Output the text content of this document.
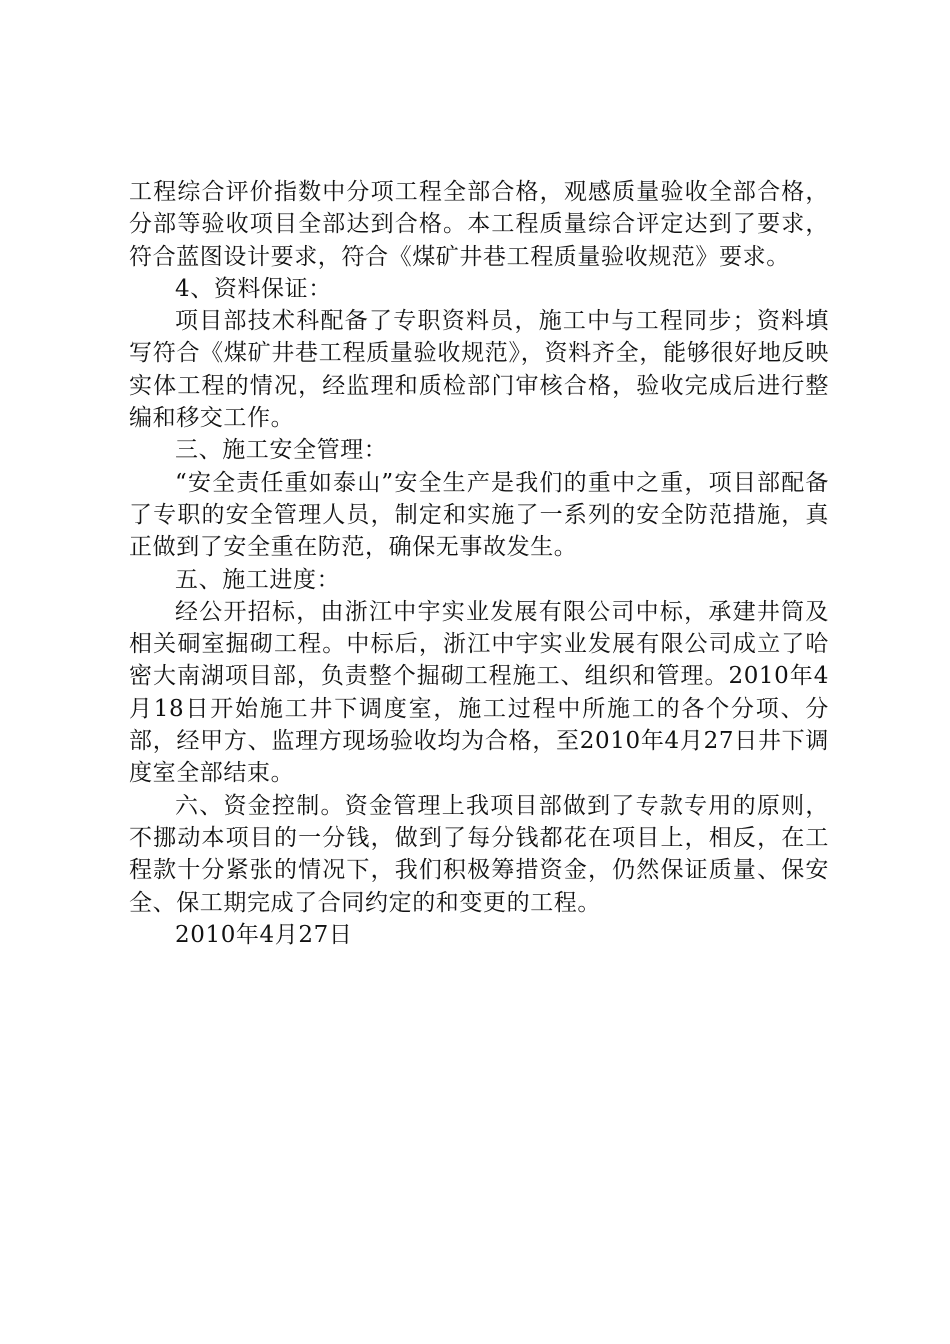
工程综合评价指数中分项工程全部合格，观感质量验收全部合格，分部等验收项目全部达到合格。本工程质量综合评定达到了要求，符合蓝图设计要求，符合《煤矿井巷工程质量验收规范》要求。

4、资料保证：

项目部技术科配备了专职资料员，施工中与工程同步；资料填写符合《煤矿井巷工程质量验收规范》，资料齐全，能够很好地反映实体工程的情况，经监理和质检部门审核合格，验收完成后进行整编和移交工作。

三、施工安全管理：

“安全责任重如泰山”安全生产是我们的重中之重，项目部配备了专职的安全管理人员，制定和实施了一系列的安全防范措施，真正做到了安全重在防范，确保无事故发生。

五、施工进度：

经公开招标，由浙江中宇实业发展有限公司中标，承建井筒及相关硐室掘砌工程。中标后，浙江中宇实业发展有限公司成立了哈密大南湖项目部，负责整个掘砌工程施工、组织和管理。2010年4月18日开始施工井下调度室，施工过程中所施工的各个分项、分部，经甲方、监理方现场验收均为合格，至2010年4月27日井下调度室全部结束。

六、资金控制。资金管理上我项目部做到了专款专用的原则，不挪动本项目的一分钱，做到了每分钱都花在项目上，相反，在工程款十分紧张的情况下，我们积极筹措资金，仍然保证质量、保安全、保工期完成了合同约定的和变更的工程。

2010年4月27日
